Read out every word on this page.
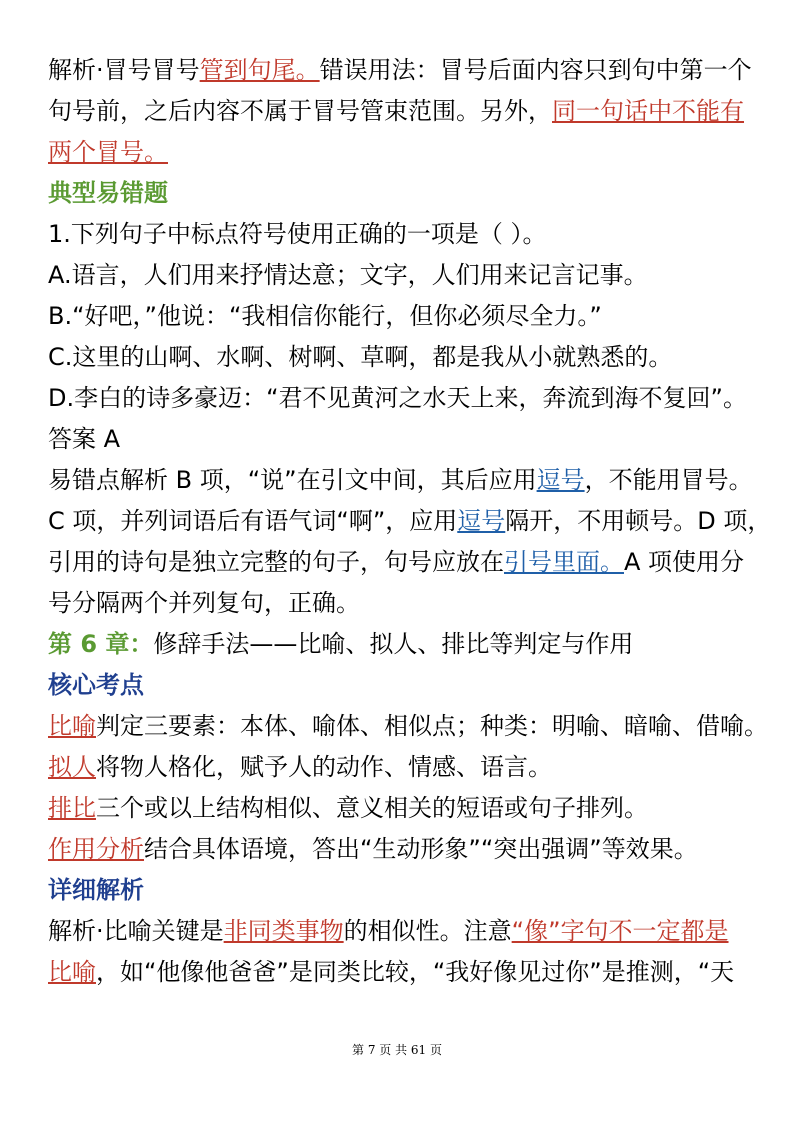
解析·冒号冒号管到句尾。错误用法：冒号后面内容只到句中第一个
句号前，之后内容不属于冒号管束范围。另外，同一句话中不能有
两个冒号。
典型易错题
1.下列句子中标点符号使用正确的一项是（ ）。
A.语言，人们用来抒情达意；文字，人们用来记言记事。
B.“好吧，”他说：“我相信你能行，但你必须尽全力。”
C.这里的山啊、水啊、树啊、草啊，都是我从小就熟悉的。
D.李白的诗多豪迈：“君不见黄河之水天上来，奔流到海不复回”。
答案 A
易错点解析 B 项，“说”在引文中间，其后应用逗号，不能用冒号。
C 项，并列词语后有语气词“啊”，应用逗号隔开，不用顿号。D 项，
引用的诗句是独立完整的句子，句号应放在引号里面。A 项使用分
号分隔两个并列复句，正确。
第 6 章：修辞手法——比喻、拟人、排比等判定与作用
核心考点
比喻判定三要素：本体、喻体、相似点；种类：明喻、暗喻、借喻。
拟人将物人格化，赋予人的动作、情感、语言。
排比三个或以上结构相似、意义相关的短语或句子排列。
作用分析结合具体语境，答出“生动形象”“突出强调”等效果。
详细解析
解析·比喻关键是非同类事物的相似性。注意“像”字句不一定都是
比喻，如“他像他爸爸”是同类比较，“我好像见过你”是推测，“天
第 7 页 共 61 页
